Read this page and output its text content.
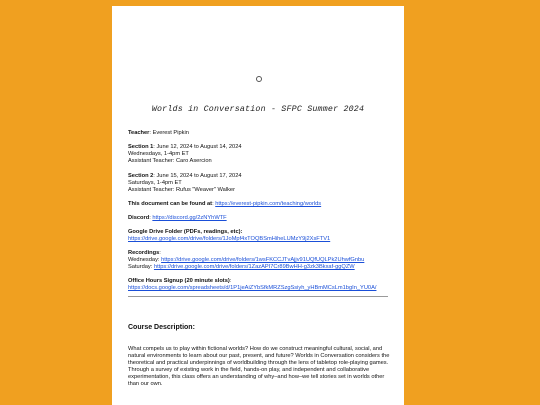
Worlds in Conversation - SFPC Summer 2024
Teacher: Everest Pipkin
Section 1: June 12, 2024 to August 14, 2024
Wednesdays, 1-4pm ET
Assistant Teacher: Caro Asercion
Section 2: June 15, 2024 to August 17, 2024
Saturdays, 1-4pm ET
Assistant Teacher: Rufus "Weaver" Walker
This document can be found at: https://everest-pipkin.com/teaching/worlds
Discord: https://discord.gg/2zNYhWTF
Google Drive Folder (PDFs, readings, etc):
https://drive.google.com/drive/folders/1JoMpf4xTOQBSmHiheLUMzY9j2XsFTV1
Recordings:
Wednesday: https://drive.google.com/drive/folders/1wsFKCCJTvAjjv91UQfUQLPk2UhwfGnbu
Saturday: https://drive.google.com/drive/folders/1ZazAPI7Cr89BwHH-g3zk3Bkxaf-ggQZW
Office Hours Signup (20 minute slots):
https://docs.google.com/spreadsheets/d/1P1jeAiZYbSfkMRZSzgSsiyh_yHBmMCsLm1bgIn_YU0A/
Course Description:
What compels us to play within fictional worlds? How do we construct meaningful cultural, social, and natural environments to learn about our past, present, and future? Worlds in Conversation considers the theoretical and practical underpinnings of worldbuilding through the lens of tabletop role-playing games. Through a survey of existing work in the field, hands-on play, and independent and collaborative experimentation, this class offers an understanding of why–and how–we tell stories set in worlds other than our own.
